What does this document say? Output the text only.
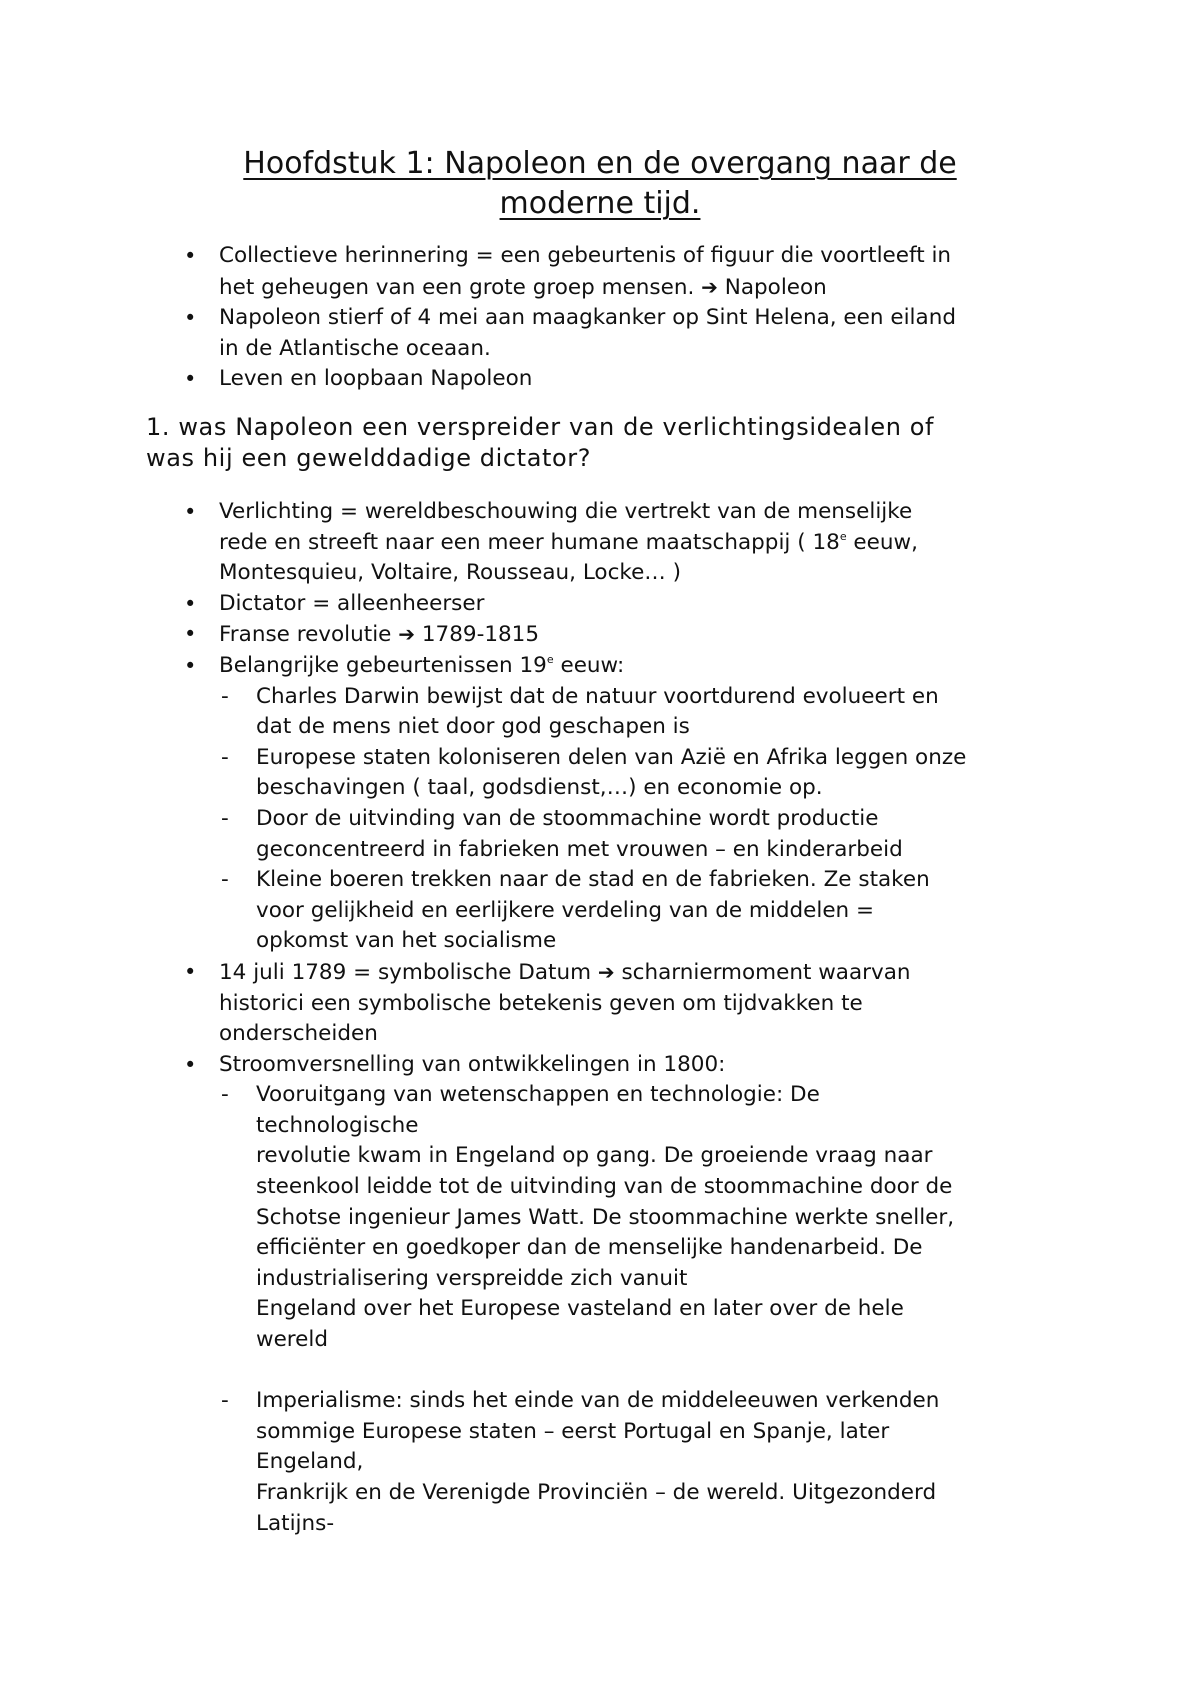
Hoofdstuk 1: Napoleon en de overgang naar de
moderne tijd.
• Collectieve herinnering = een gebeurtenis of figuur die voortleeft in
het geheugen van een grote groep mensen. ➔ Napoleon
• Napoleon stierf of 4 mei aan maagkanker op Sint Helena, een eiland
in de Atlantische oceaan.
• Leven en loopbaan Napoleon
1. was Napoleon een verspreider van de verlichtingsidealen of
was hij een gewelddadige dictator?
• Verlichting = wereldbeschouwing die vertrekt van de menselijke
rede en streeft naar een meer humane maatschappij ( 18e eeuw,
Montesquieu, Voltaire, Rousseau, Locke… )
• Dictator = alleenheerser
• Franse revolutie ➔ 1789-1815
• Belangrijke gebeurtenissen 19e eeuw:
- Charles Darwin bewijst dat de natuur voortdurend evolueert en
dat de mens niet door god geschapen is
- Europese staten koloniseren delen van Azië en Afrika leggen onze
beschavingen ( taal, godsdienst,…) en economie op.
- Door de uitvinding van de stoommachine wordt productie
geconcentreerd in fabrieken met vrouwen – en kinderarbeid
- Kleine boeren trekken naar de stad en de fabrieken. Ze staken
voor gelijkheid en eerlijkere verdeling van de middelen =
opkomst van het socialisme
• 14 juli 1789 = symbolische Datum ➔ scharniermoment waarvan
historici een symbolische betekenis geven om tijdvakken te
onderscheiden
• Stroomversnelling van ontwikkelingen in 1800:
- Vooruitgang van wetenschappen en technologie: De
technologische
revolutie kwam in Engeland op gang. De groeiende vraag naar
steenkool leidde tot de uitvinding van de stoommachine door de
Schotse ingenieur James Watt. De stoommachine werkte sneller,
efficiënter en goedkoper dan de menselijke handenarbeid. De
industrialisering verspreidde zich vanuit
Engeland over het Europese vasteland en later over de hele
wereld
- Imperialisme: sinds het einde van de middeleeuwen verkenden
sommige Europese staten – eerst Portugal en Spanje, later
Engeland,
Frankrijk en de Verenigde Provinciën – de wereld. Uitgezonderd
Latijns-
